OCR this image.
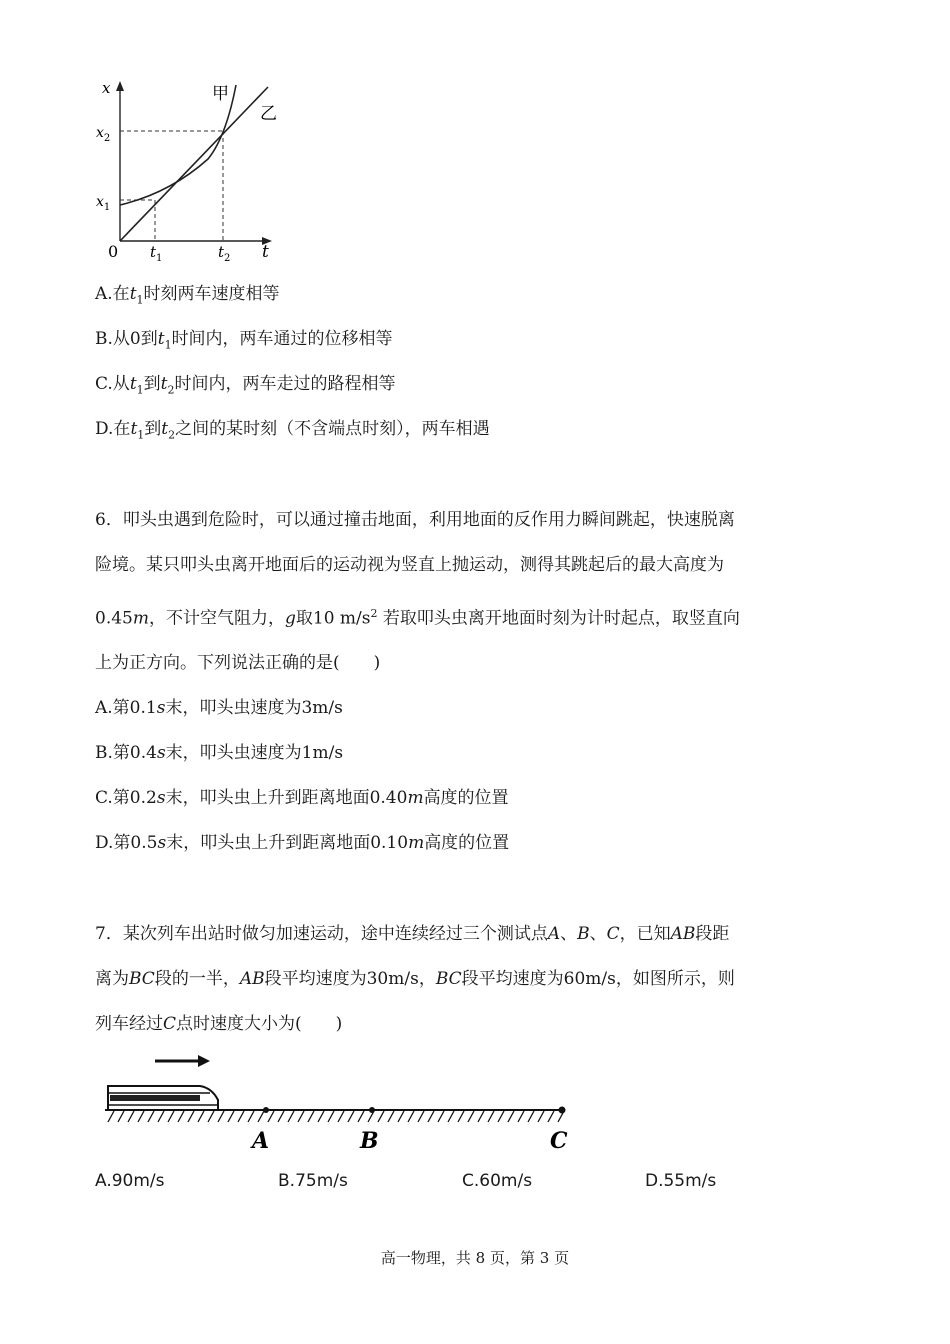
x
t
0
$x_2$
$x_1$
$t_1$	$t_2$
甲
乙
A.在$t_1$时刻两车速度相等
B.从0到$t_1$时间内，两车通过的位移相等
C.从$t_1$到$t_2$时间内，两车走过的路程相等
D.在$t_1$到$t_2$之间的某时刻（不含端点时刻），两车相遇
6．叩头虫遇到危险时，可以通过撞击地面，利用地面的反作用力瞬间跳起，快速脱离
险境。某只叩头虫离开地面后的运动视为竖直上抛运动，测得其跳起后的最大高度为
0.45m，不计空气阻力，g取10 $m/s^2$ 若取叩头虫离开地面时刻为计时起点，取竖直向
上为正方向。下列说法正确的是(　　)
A.第0.1s末，叩头虫速度为3m/s
B.第0.4s末，叩头虫速度为1m/s
C.第0.2s末，叩头虫上升到距离地面0.40m高度的位置
D.第0.5s末，叩头虫上升到距离地面0.10m高度的位置
7．某次列车出站时做匀加速运动，途中连续经过三个测试点A、B、C，已知AB段距
离为BC段的一半，AB段平均速度为30m/s，BC段平均速度为60m/s，如图所示，则
列车经过C点时速度大小为(　　)
A	B	C
A.90m/s	B.75m/s	C.60m/s	D.55m/s
高一物理，共 8 页，第 3 页
